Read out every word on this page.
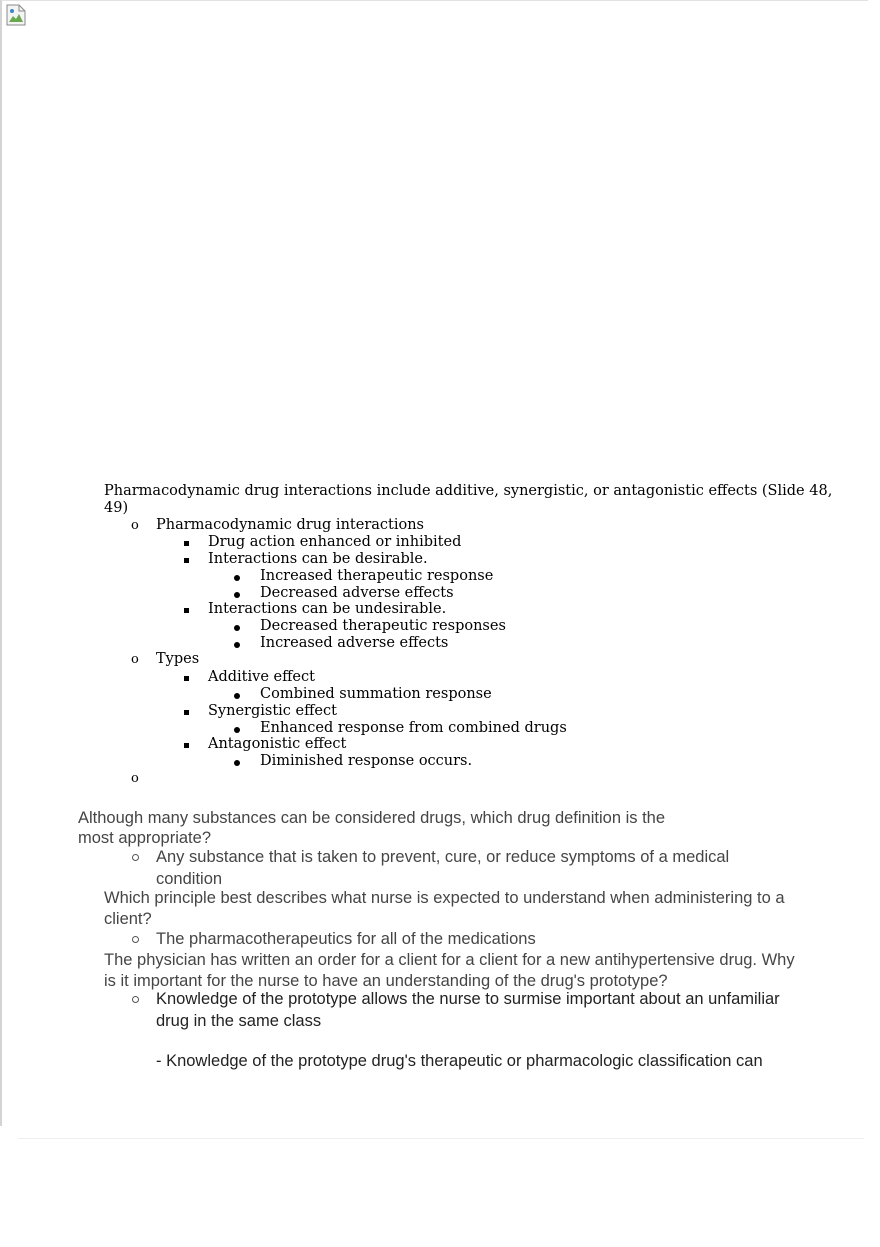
Pharmacodynamic drug interactions include additive, synergistic, or antagonistic effects (Slide 48,
49)
o Pharmacodynamic drug interactions
Drug action enhanced or inhibited
Interactions can be desirable.
Increased therapeutic response
Decreased adverse effects
Interactions can be undesirable.
Decreased therapeutic responses
Increased adverse effects
o Types
Additive effect
Combined summation response
Synergistic effect
Enhanced response from combined drugs
Antagonistic effect
Diminished response occurs.
o
Although many substances can be considered drugs, which drug definition is the
most appropriate?
Any substance that is taken to prevent, cure, or reduce symptoms of a medical
condition
Which principle best describes what nurse is expected to understand when administering to a
client?
The pharmacotherapeutics for all of the medications
The physician has written an order for a client for a client for a new antihypertensive drug. Why
is it important for the nurse to have an understanding of the drug's prototype?
Knowledge of the prototype allows the nurse to surmise important about an unfamiliar
drug in the same class
- Knowledge of the prototype drug's therapeutic or pharmacologic classification can
